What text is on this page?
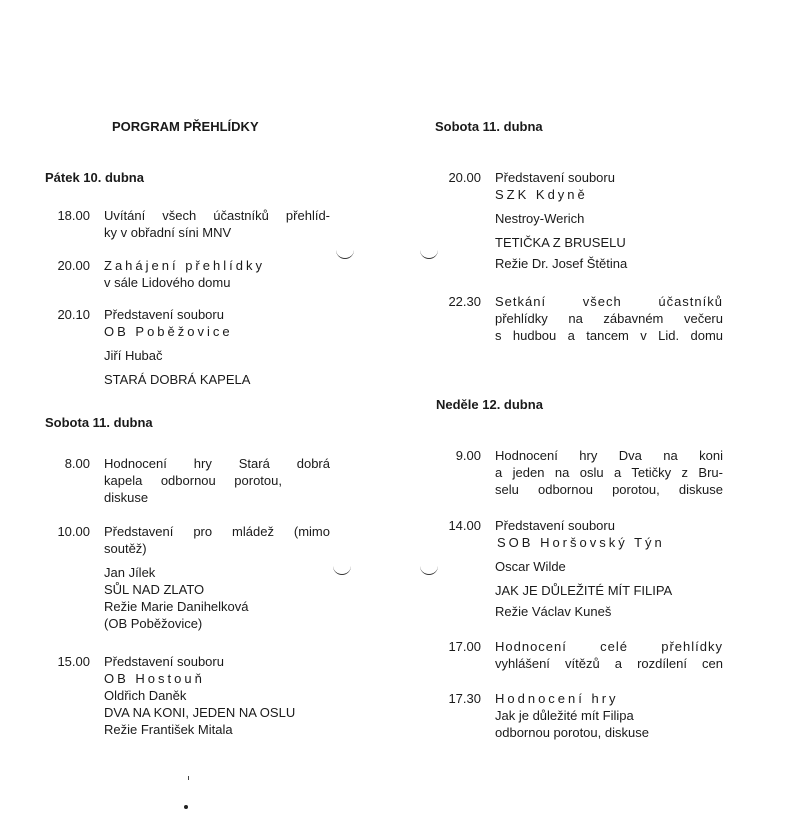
PORGRAM PŘEHLÍDKY
Pátek 10. dubna
18.00 Uvítání všech účastníků přehlíd-
ky v obřadní síni MNV
20.00 Zahájení přehlídky
v sále Lidového domu
20.10 Představení souboru
OB Poběžovice
Jiří Hubač
STARÁ DOBRÁ KAPELA
Sobota 11. dubna
8.00 Hodnocení hry Stará dobrá
kapela odbornou porotou,
diskuse
10.00 Představení pro mládež (mimo
soutěž)
Jan Jílek
SŮL NAD ZLATO
Režie Marie Danihelková
(OB Poběžovice)
15.00 Představení souboru
OB Hostouň
Oldřich Daněk
DVA NA KONI, JEDEN NA OSLU
Režie František Mitala
Sobota 11. dubna
20.00 Představení souboru
SZK Kdyně
Nestroy-Werich
TETIČKA Z BRUSELU
Režie Dr. Josef Štětina
22.30 Setkání všech účastníků
přehlídky na zábavném večeru
s hudbou a tancem v Lid. domu
Neděle 12. dubna
9.00 Hodnocení hry Dva na koni
a jeden na oslu a Tetičky z Bru-
selu odbornou porotou, diskuse
14.00 Představení souboru
SOB Horšovský Týn
Oscar Wilde
JAK JE DŮLEŽITÉ MÍT FILIPA
Režie Václav Kuneš
17.00 Hodnocení celé přehlídky
vyhlášení vítězů a rozdílení cen
17.30 Hodnocení hry
Jak je důležité mít Filipa
odbornou porotou, diskuse
